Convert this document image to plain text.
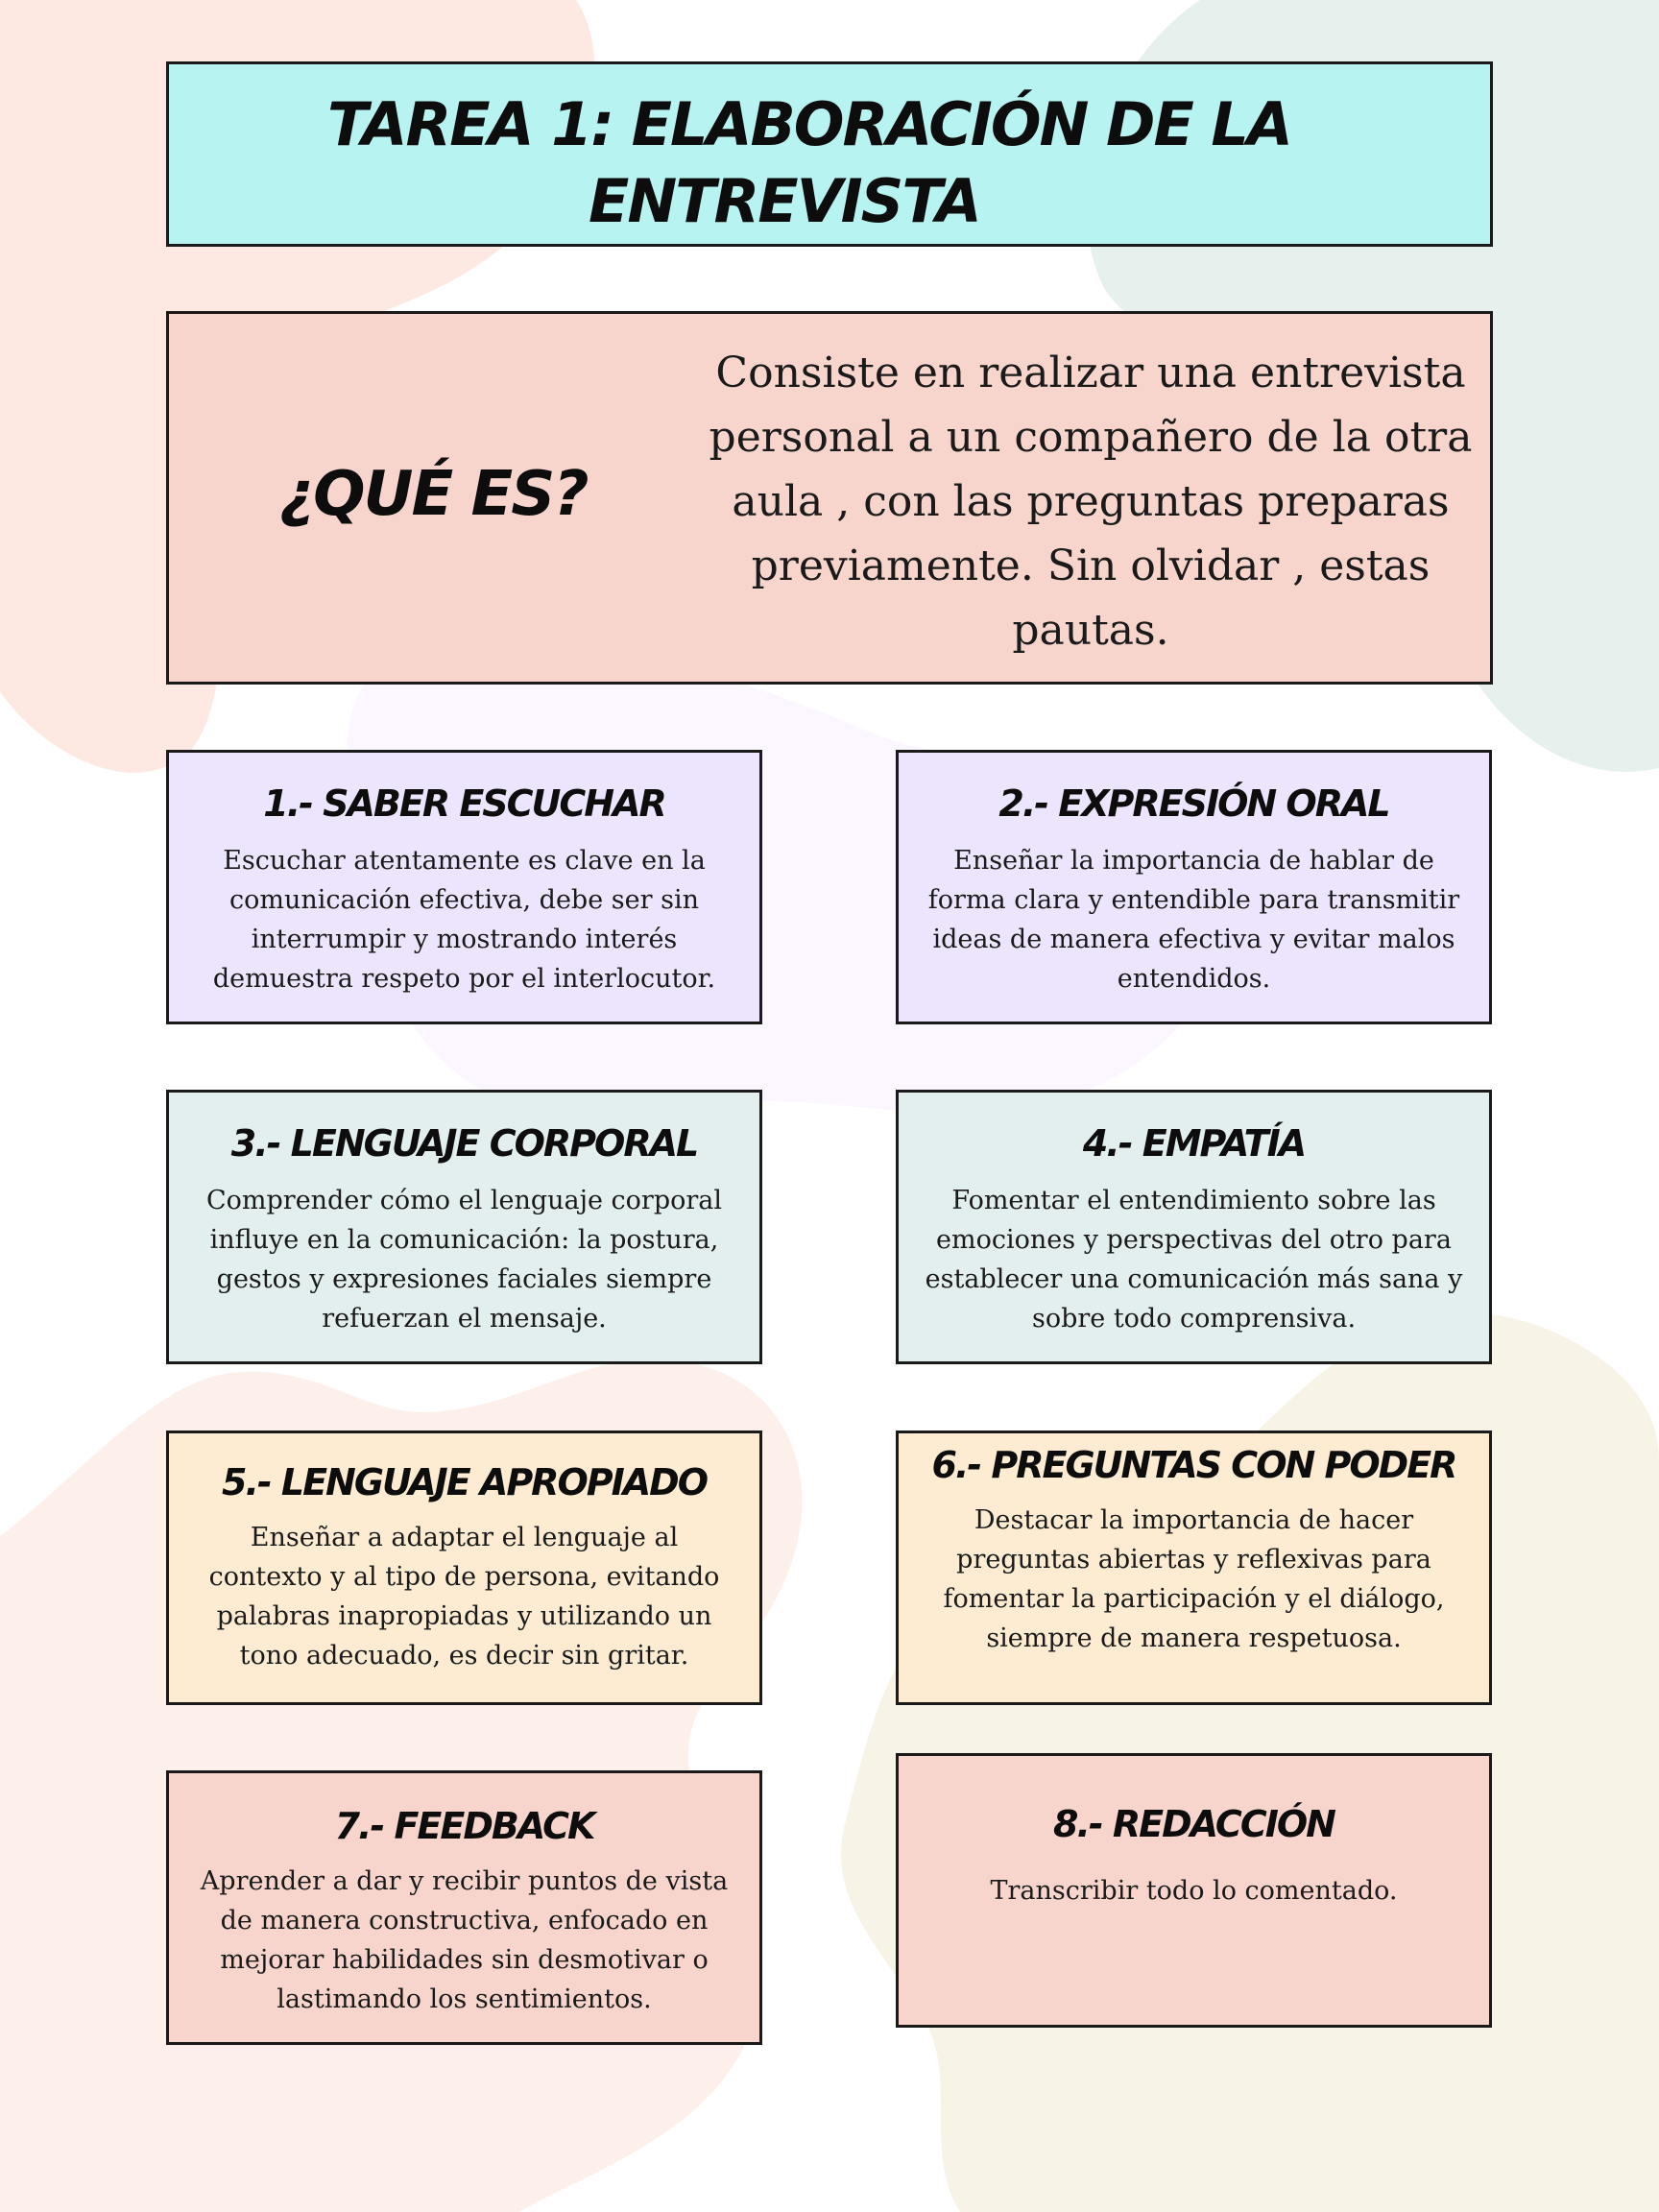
TAREA 1: ELABORACIÓN DE LA
ENTREVISTA
¿QUÉ ES?
Consiste en realizar una entrevista personal a un compañero de la otra aula , con las preguntas preparas previamente. Sin olvidar , estas pautas.
1.- SABER ESCUCHAR
Escuchar atentamente es clave en la comunicación efectiva, debe ser sin interrumpir y mostrando interés demuestra respeto por el interlocutor.
2.- EXPRESIÓN ORAL
Enseñar la importancia de hablar de forma clara y entendible para transmitir ideas de manera efectiva y evitar malos entendidos.
3.- LENGUAJE CORPORAL
Comprender cómo el lenguaje corporal influye en la comunicación: la postura, gestos y expresiones faciales siempre refuerzan el mensaje.
4.- EMPATÍA
Fomentar el entendimiento sobre las emociones y perspectivas del otro para establecer una comunicación más sana y sobre todo comprensiva.
5.- LENGUAJE APROPIADO
Enseñar a adaptar el lenguaje al contexto y al tipo de persona, evitando palabras inapropiadas y utilizando un tono adecuado, es decir sin gritar.
6.- PREGUNTAS CON PODER
Destacar la importancia de hacer preguntas abiertas y reflexivas para fomentar la participación y el diálogo, siempre de manera respetuosa.
7.- FEEDBACK
Aprender a dar y recibir puntos de vista de manera constructiva, enfocado en mejorar habilidades sin desmotivar o lastimando los sentimientos.
8.- REDACCIÓN
Transcribir todo lo comentado.
